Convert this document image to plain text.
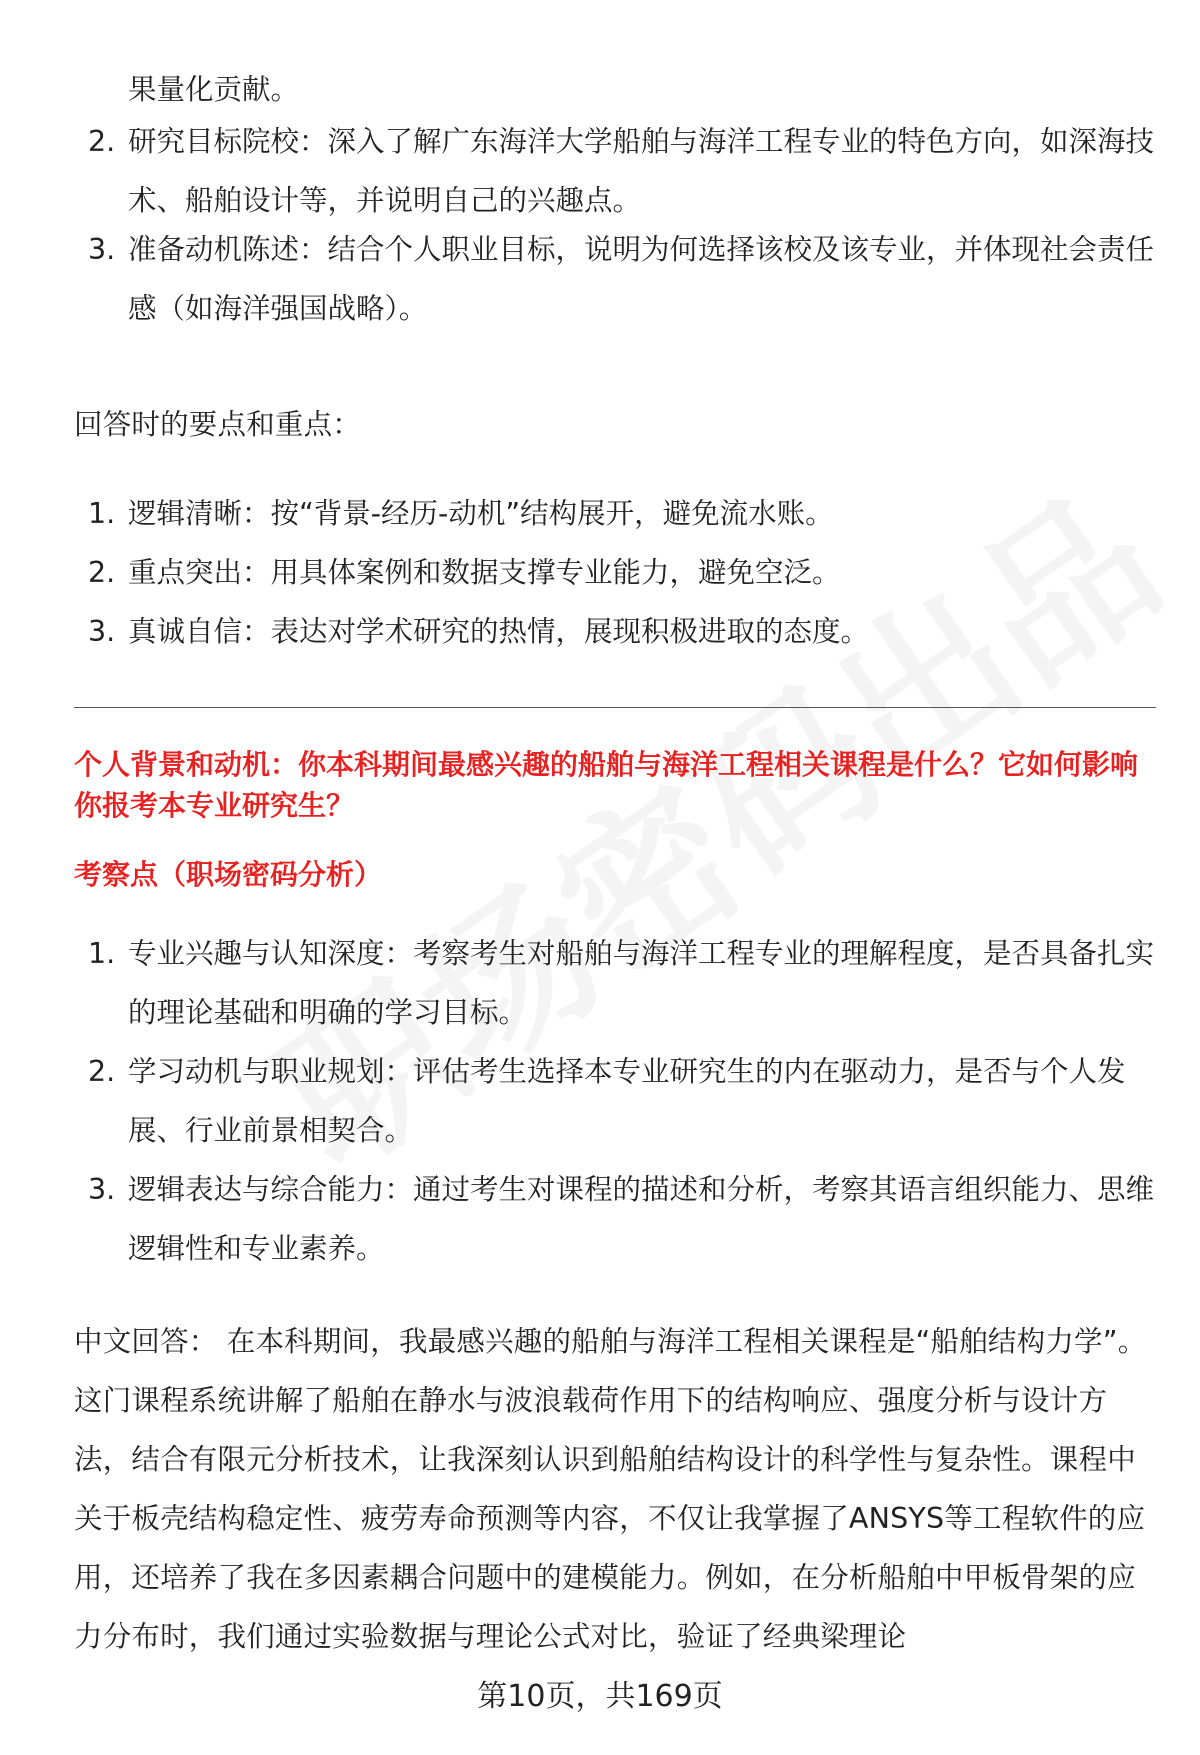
果量化贡献。
2. 研究目标院校：深入了解广东海洋大学船舶与海洋工程专业的特色方向，如深海技术、船舶设计等，并说明自己的兴趣点。
3. 准备动机陈述：结合个人职业目标，说明为何选择该校及该专业，并体现社会责任感（如海洋强国战略）。
回答时的要点和重点：
1. 逻辑清晰：按“背景-经历-动机”结构展开，避免流水账。
2. 重点突出：用具体案例和数据支撑专业能力，避免空泛。
3. 真诚自信：表达对学术研究的热情，展现积极进取的态度。
个人背景和动机：你本科期间最感兴趣的船舶与海洋工程相关课程是什么？它如何影响你报考本专业研究生？
考察点（职场密码分析）
1. 专业兴趣与认知深度：考察考生对船舶与海洋工程专业的理解程度，是否具备扎实的理论基础和明确的学习目标。
2. 学习动机与职业规划：评估考生选择本专业研究生的内在驱动力，是否与个人发展、行业前景相契合。
3. 逻辑表达与综合能力：通过考生对课程的描述和分析，考察其语言组织能力、思维逻辑性和专业素养。
中文回答： 在本科期间，我最感兴趣的船舶与海洋工程相关课程是“船舶结构力学”。这门课程系统讲解了船舶在静水与波浪载荷作用下的结构响应、强度分析与设计方法，结合有限元分析技术，让我深刻认识到船舶结构设计的科学性与复杂性。课程中关于板壳结构稳定性、疲劳寿命预测等内容，不仅让我掌握了ANSYS等工程软件的应用，还培养了我在多因素耦合问题中的建模能力。例如，在分析船舶中甲板骨架的应力分布时，我们通过实验数据与理论公式对比，验证了经典梁理论
第10页，共169页
